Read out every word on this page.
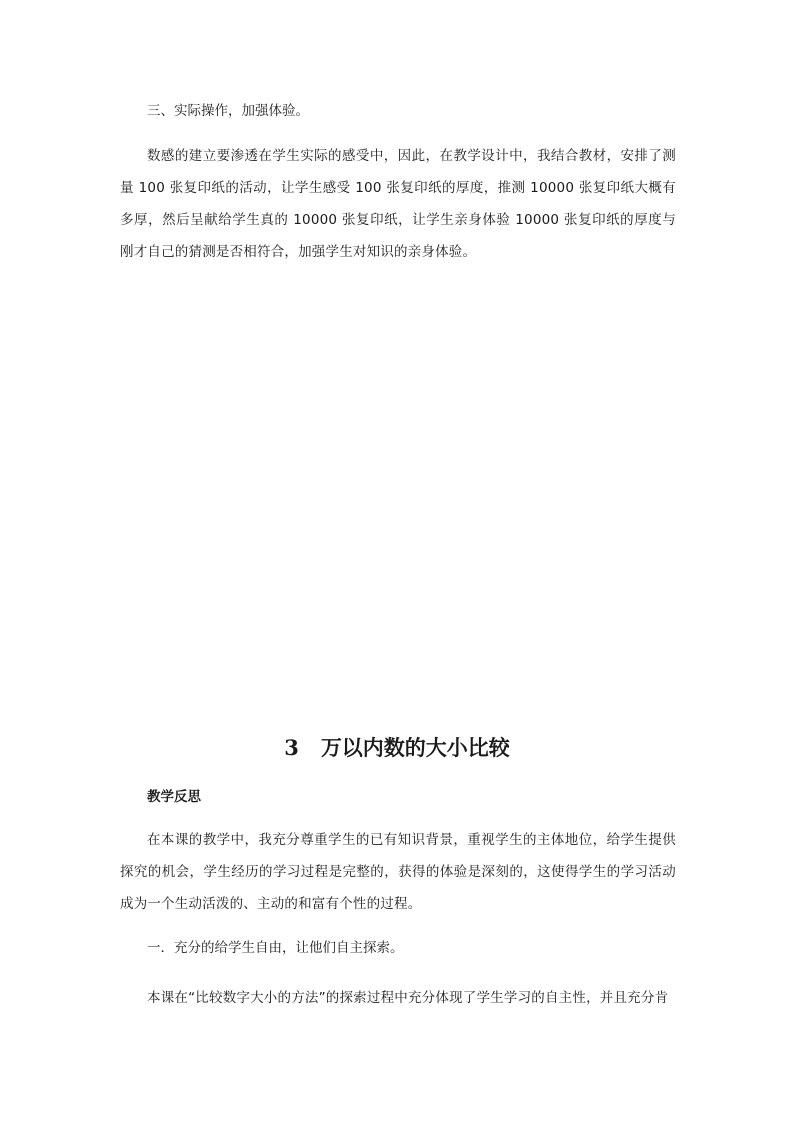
三、实际操作，加强体验。

数感的建立要渗透在学生实际的感受中，因此，在教学设计中，我结合教材，安排了测量 100 张复印纸的活动，让学生感受 100 张复印纸的厚度，推测 10000 张复印纸大概有多厚，然后呈献给学生真的 10000 张复印纸，让学生亲身体验 10000 张复印纸的厚度与刚才自己的猜测是否相符合，加强学生对知识的亲身体验。

3 万以内数的大小比较

教学反思

在本课的教学中，我充分尊重学生的已有知识背景，重视学生的主体地位，给学生提供探究的机会，学生经历的学习过程是完整的，获得的体验是深刻的，这使得学生的学习活动成为一个生动活泼的、主动的和富有个性的过程。

一．充分的给学生自由，让他们自主探索。

本课在“比较数字大小的方法”的探索过程中充分体现了学生学习的自主性，并且充分肯
